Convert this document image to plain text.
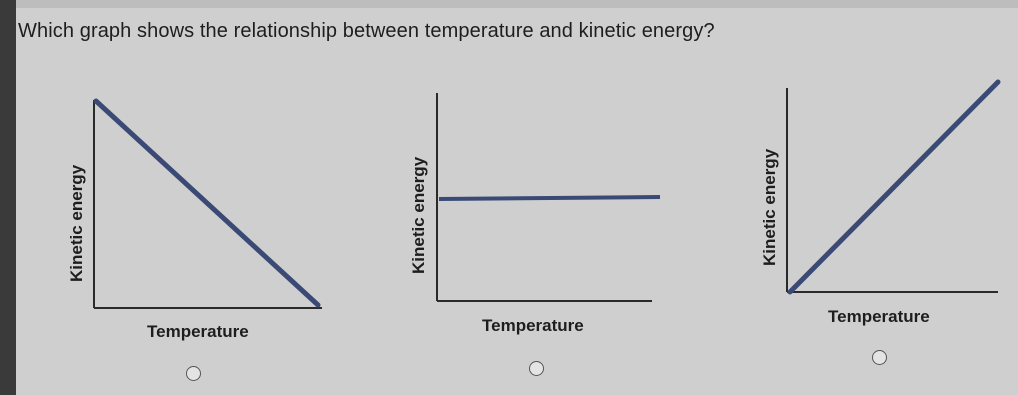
Which graph shows the relationship between temperature and kinetic energy?
Kinetic energy
Temperature
Kinetic energy
Temperature
Kinetic energy
Temperature
